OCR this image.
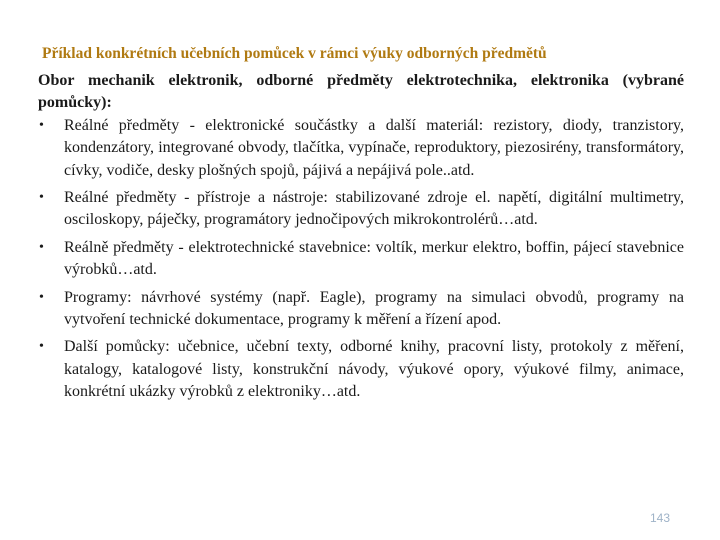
Příklad konkrétních učebních pomůcek v rámci výuky odborných předmětů
Obor mechanik elektronik, odborné předměty elektrotechnika, elektronika (vybrané pomůcky):
• Reálné předměty - elektronické součástky a další materiál: rezistory, diody, tranzistory, kondenzátory, integrované obvody, tlačítka, vypínače, reproduktory, piezosirény, transformátory, cívky, vodiče, desky plošných spojů, pájivá a nepájivá pole..atd.
• Reálné předměty - přístroje a nástroje: stabilizované zdroje el. napětí, digitální multimetry, osciloskopy, páječky, programátory jednočipových mikrokontrolérů…atd.
• Reálně předměty - elektrotechnické stavebnice: voltík, merkur elektro, boffin, pájecí stavebnice výrobků…atd.
• Programy: návrhové systémy (např. Eagle), programy na simulaci obvodů, programy na vytvoření technické dokumentace, programy k měření a řízení apod.
• Další pomůcky: učebnice, učební texty, odborné knihy, pracovní listy, protokoly z měření, katalogy, katalogové listy, konstrukční návody, výukové opory, výukové filmy, animace, konkrétní ukázky výrobků z elektroniky…atd.
143
